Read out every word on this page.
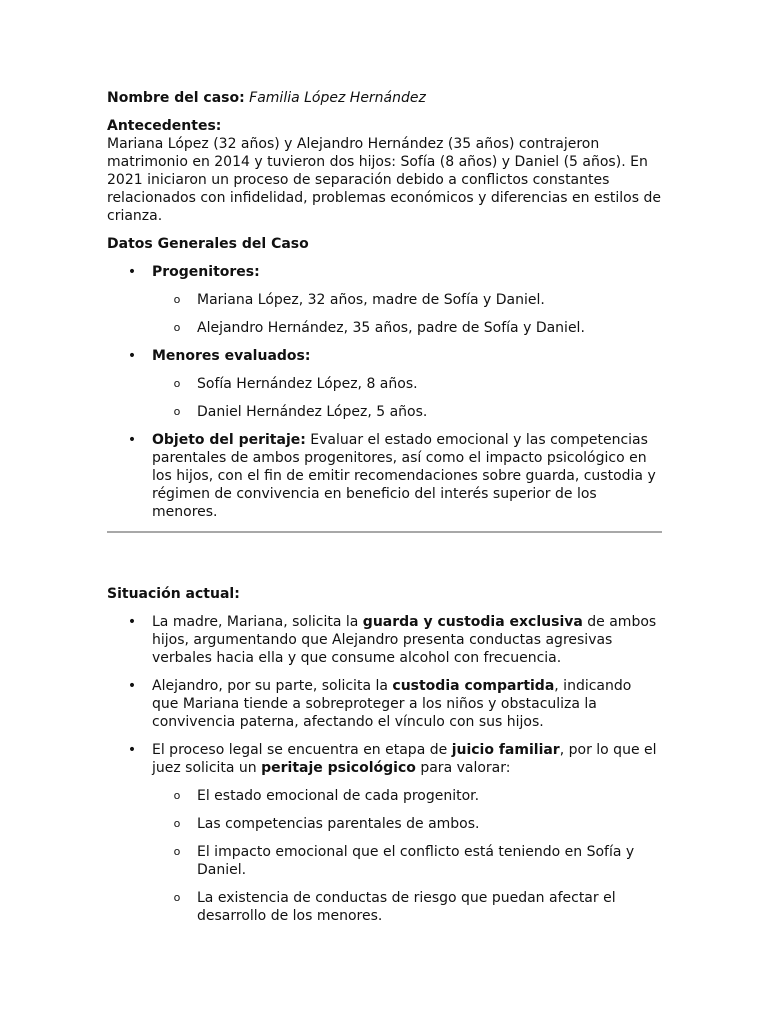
Nombre del caso: Familia López Hernández

Antecedentes:

Mariana López (32 años) y Alejandro Hernández (35 años) contrajeron matrimonio en 2014 y tuvieron dos hijos: Sofía (8 años) y Daniel (5 años). En 2021 iniciaron un proceso de separación debido a conflictos constantes relacionados con infidelidad, problemas económicos y diferencias en estilos de crianza.

Datos Generales del Caso

• Progenitores:
o Mariana López, 32 años, madre de Sofía y Daniel.
o Alejandro Hernández, 35 años, padre de Sofía y Daniel.
• Menores evaluados:
o Sofía Hernández López, 8 años.
o Daniel Hernández López, 5 años.
• Objeto del peritaje: Evaluar el estado emocional y las competencias parentales de ambos progenitores, así como el impacto psicológico en los hijos, con el fin de emitir recomendaciones sobre guarda, custodia y régimen de convivencia en beneficio del interés superior de los menores.

Situación actual:

• La madre, Mariana, solicita la guarda y custodia exclusiva de ambos hijos, argumentando que Alejandro presenta conductas agresivas verbales hacia ella y que consume alcohol con frecuencia.
• Alejandro, por su parte, solicita la custodia compartida, indicando que Mariana tiende a sobreproteger a los niños y obstaculiza la convivencia paterna, afectando el vínculo con sus hijos.
• El proceso legal se encuentra en etapa de juicio familiar, por lo que el juez solicita un peritaje psicológico para valorar:
o El estado emocional de cada progenitor.
o Las competencias parentales de ambos.
o El impacto emocional que el conflicto está teniendo en Sofía y Daniel.
o La existencia de conductas de riesgo que puedan afectar el desarrollo de los menores.
